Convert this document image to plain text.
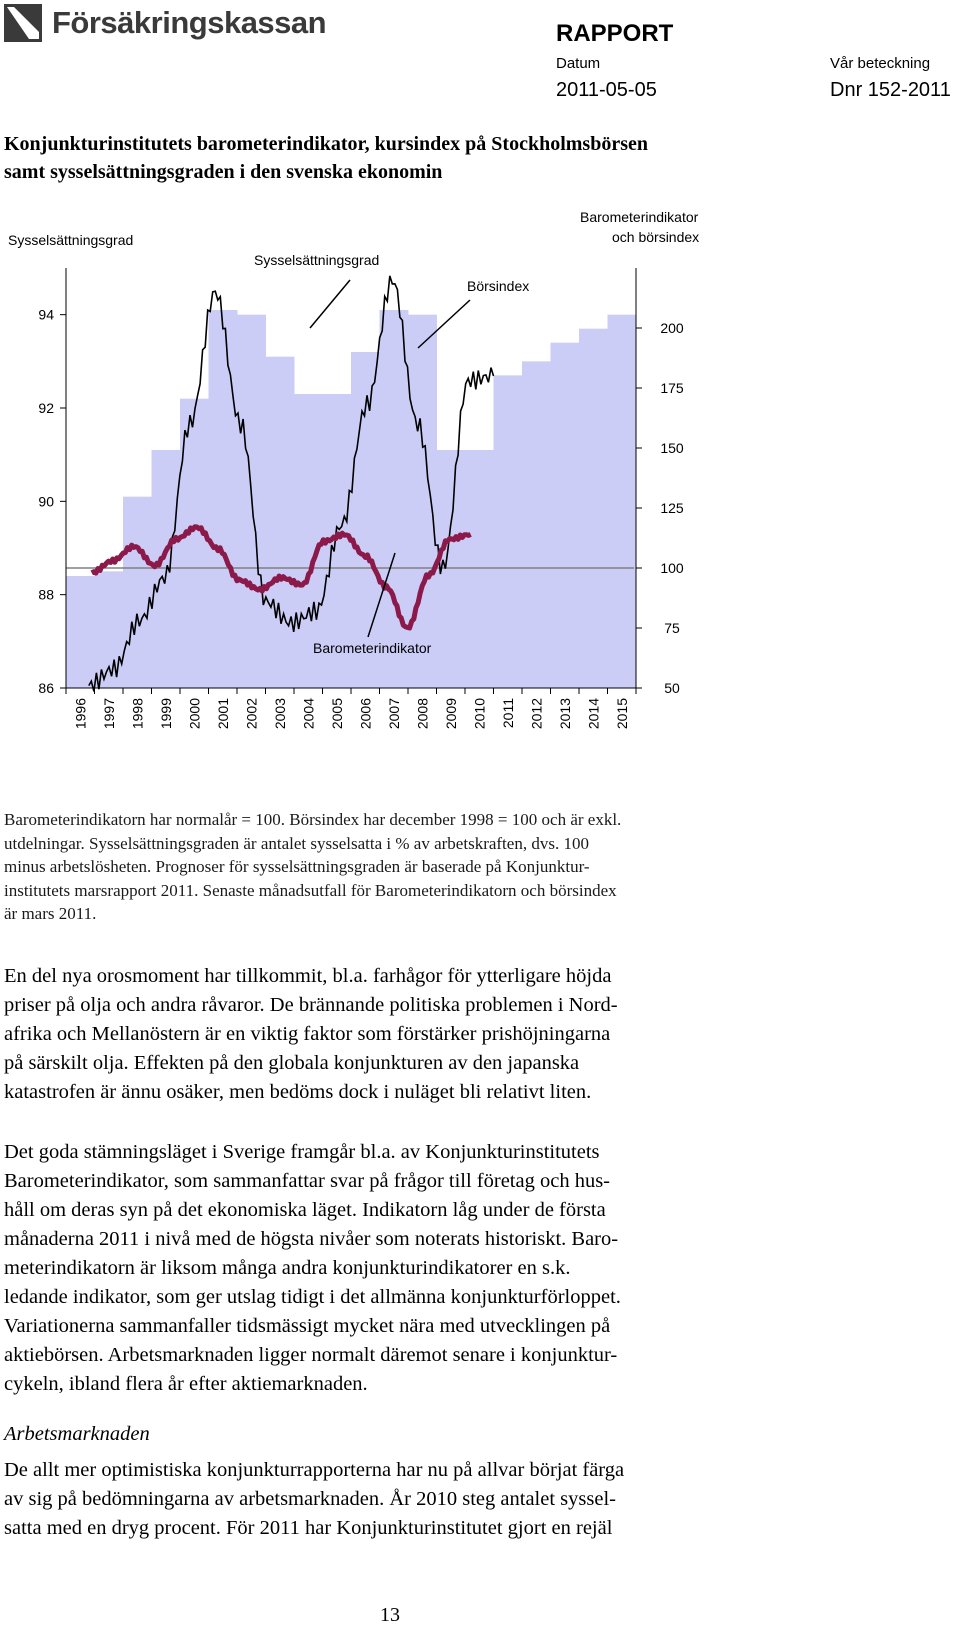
Försäkringskassan	RAPPORT
Datum	Vår beteckning
2011-05-05	Dnr 152-2011
Konjunkturinstitutets barometerindikator, kursindex på Stockholmsbörsen
samt sysselsättningsgraden i den svenska ekonomin
86
88
90
92
94
50
75
100
125
150
175
200
1996 1997 1998 1999 2000 2001 2002 2003 2004 2005 2006 2007 2008 2009 2010 2011 2012 2013 2014 2015
Sysselsättningsgrad
Barometerindikator
och börsindex
Sysselsättningsgrad
Börsindex
Barometerindikator
Barometerindikatorn har normalår = 100. Börsindex har december 1998 = 100 och är exkl.
utdelningar. Sysselsättningsgraden är antalet sysselsatta i % av arbetskraften, dvs. 100
minus arbetslösheten. Prognoser för sysselsättningsgraden är baserade på Konjunktur-
institutets marsrapport 2011. Senaste månadsutfall för Barometerindikatorn och börsindex
är mars 2011.
En del nya orosmoment har tillkommit, bl.a. farhågor för ytterligare höjda
priser på olja och andra råvaror. De brännande politiska problemen i Nord-
afrika och Mellanöstern är en viktig faktor som förstärker prishöjningarna
på särskilt olja. Effekten på den globala konjunkturen av den japanska
katastrofen är ännu osäker, men bedöms dock i nuläget bli relativt liten.
Det goda stämningsläget i Sverige framgår bl.a. av Konjunkturinstitutets
Barometerindikator, som sammanfattar svar på frågor till företag och hus-
håll om deras syn på det ekonomiska läget. Indikatorn låg under de första
månaderna 2011 i nivå med de högsta nivåer som noterats historiskt. Baro-
meterindikatorn är liksom många andra konjunkturindikatorer en s.k.
ledande indikator, som ger utslag tidigt i det allmänna konjunkturförloppet.
Variationerna sammanfaller tidsmässigt mycket nära med utvecklingen på
aktiebörsen. Arbetsmarknaden ligger normalt däremot senare i konjunktur-
cykeln, ibland flera år efter aktiemarknaden.
Arbetsmarknaden
De allt mer optimistiska konjunkturrapporterna har nu på allvar börjat färga
av sig på bedömningarna av arbetsmarknaden. År 2010 steg antalet syssel-
satta med en dryg procent. För 2011 har Konjunkturinstitutet gjort en rejäl
13
